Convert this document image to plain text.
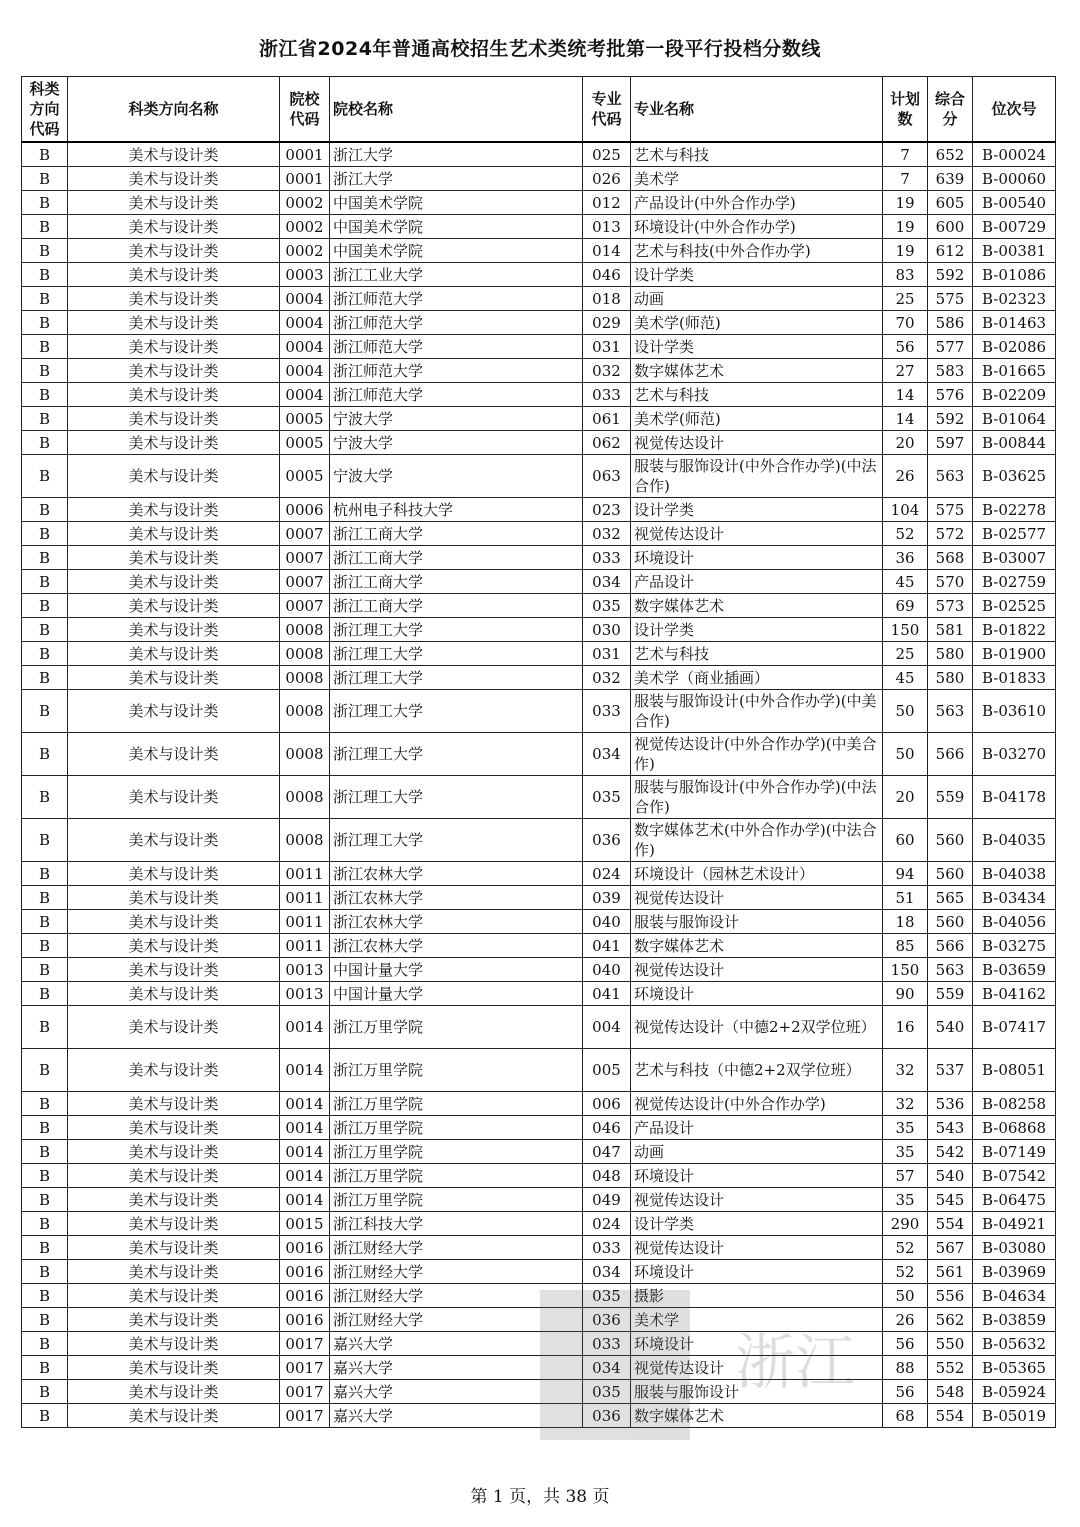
浙江省2024年普通高校招生艺术类统考批第一段平行投档分数线
科类方向代码	科类方向名称	院校代码	院校名称	专业代码	专业名称	计划数	综合分	位次号
B	美术与设计类	0001	浙江大学	025	艺术与科技	7	652	B-00024
B	美术与设计类	0001	浙江大学	026	美术学	7	639	B-00060
B	美术与设计类	0002	中国美术学院	012	产品设计(中外合作办学)	19	605	B-00540
B	美术与设计类	0002	中国美术学院	013	环境设计(中外合作办学)	19	600	B-00729
B	美术与设计类	0002	中国美术学院	014	艺术与科技(中外合作办学)	19	612	B-00381
B	美术与设计类	0003	浙江工业大学	046	设计学类	83	592	B-01086
B	美术与设计类	0004	浙江师范大学	018	动画	25	575	B-02323
B	美术与设计类	0004	浙江师范大学	029	美术学(师范)	70	586	B-01463
B	美术与设计类	0004	浙江师范大学	031	设计学类	56	577	B-02086
B	美术与设计类	0004	浙江师范大学	032	数字媒体艺术	27	583	B-01665
B	美术与设计类	0004	浙江师范大学	033	艺术与科技	14	576	B-02209
B	美术与设计类	0005	宁波大学	061	美术学(师范)	14	592	B-01064
B	美术与设计类	0005	宁波大学	062	视觉传达设计	20	597	B-00844
B	美术与设计类	0005	宁波大学	063	服装与服饰设计(中外合作办学)(中法合作)	26	563	B-03625
B	美术与设计类	0006	杭州电子科技大学	023	设计学类	104	575	B-02278
B	美术与设计类	0007	浙江工商大学	032	视觉传达设计	52	572	B-02577
B	美术与设计类	0007	浙江工商大学	033	环境设计	36	568	B-03007
B	美术与设计类	0007	浙江工商大学	034	产品设计	45	570	B-02759
B	美术与设计类	0007	浙江工商大学	035	数字媒体艺术	69	573	B-02525
B	美术与设计类	0008	浙江理工大学	030	设计学类	150	581	B-01822
B	美术与设计类	0008	浙江理工大学	031	艺术与科技	25	580	B-01900
B	美术与设计类	0008	浙江理工大学	032	美术学（商业插画）	45	580	B-01833
B	美术与设计类	0008	浙江理工大学	033	服装与服饰设计(中外合作办学)(中美合作)	50	563	B-03610
B	美术与设计类	0008	浙江理工大学	034	视觉传达设计(中外合作办学)(中美合作)	50	566	B-03270
B	美术与设计类	0008	浙江理工大学	035	服装与服饰设计(中外合作办学)(中法合作)	20	559	B-04178
B	美术与设计类	0008	浙江理工大学	036	数字媒体艺术(中外合作办学)(中法合作)	60	560	B-04035
B	美术与设计类	0011	浙江农林大学	024	环境设计（园林艺术设计）	94	560	B-04038
B	美术与设计类	0011	浙江农林大学	039	视觉传达设计	51	565	B-03434
B	美术与设计类	0011	浙江农林大学	040	服装与服饰设计	18	560	B-04056
B	美术与设计类	0011	浙江农林大学	041	数字媒体艺术	85	566	B-03275
B	美术与设计类	0013	中国计量大学	040	视觉传达设计	150	563	B-03659
B	美术与设计类	0013	中国计量大学	041	环境设计	90	559	B-04162
B	美术与设计类	0014	浙江万里学院	004	视觉传达设计（中德2+2双学位班）	16	540	B-07417
B	美术与设计类	0014	浙江万里学院	005	艺术与科技（中德2+2双学位班）	32	537	B-08051
B	美术与设计类	0014	浙江万里学院	006	视觉传达设计(中外合作办学)	32	536	B-08258
B	美术与设计类	0014	浙江万里学院	046	产品设计	35	543	B-06868
B	美术与设计类	0014	浙江万里学院	047	动画	35	542	B-07149
B	美术与设计类	0014	浙江万里学院	048	环境设计	57	540	B-07542
B	美术与设计类	0014	浙江万里学院	049	视觉传达设计	35	545	B-06475
B	美术与设计类	0015	浙江科技大学	024	设计学类	290	554	B-04921
B	美术与设计类	0016	浙江财经大学	033	视觉传达设计	52	567	B-03080
B	美术与设计类	0016	浙江财经大学	034	环境设计	52	561	B-03969
B	美术与设计类	0016	浙江财经大学	035	摄影	50	556	B-04634
B	美术与设计类	0016	浙江财经大学	036	美术学	26	562	B-03859
B	美术与设计类	0017	嘉兴大学	033	环境设计	56	550	B-05632
B	美术与设计类	0017	嘉兴大学	034	视觉传达设计	88	552	B-05365
B	美术与设计类	0017	嘉兴大学	035	服装与服饰设计	56	548	B-05924
B	美术与设计类	0017	嘉兴大学	036	数字媒体艺术	68	554	B-05019
浙江
第 1 页，共 38 页
